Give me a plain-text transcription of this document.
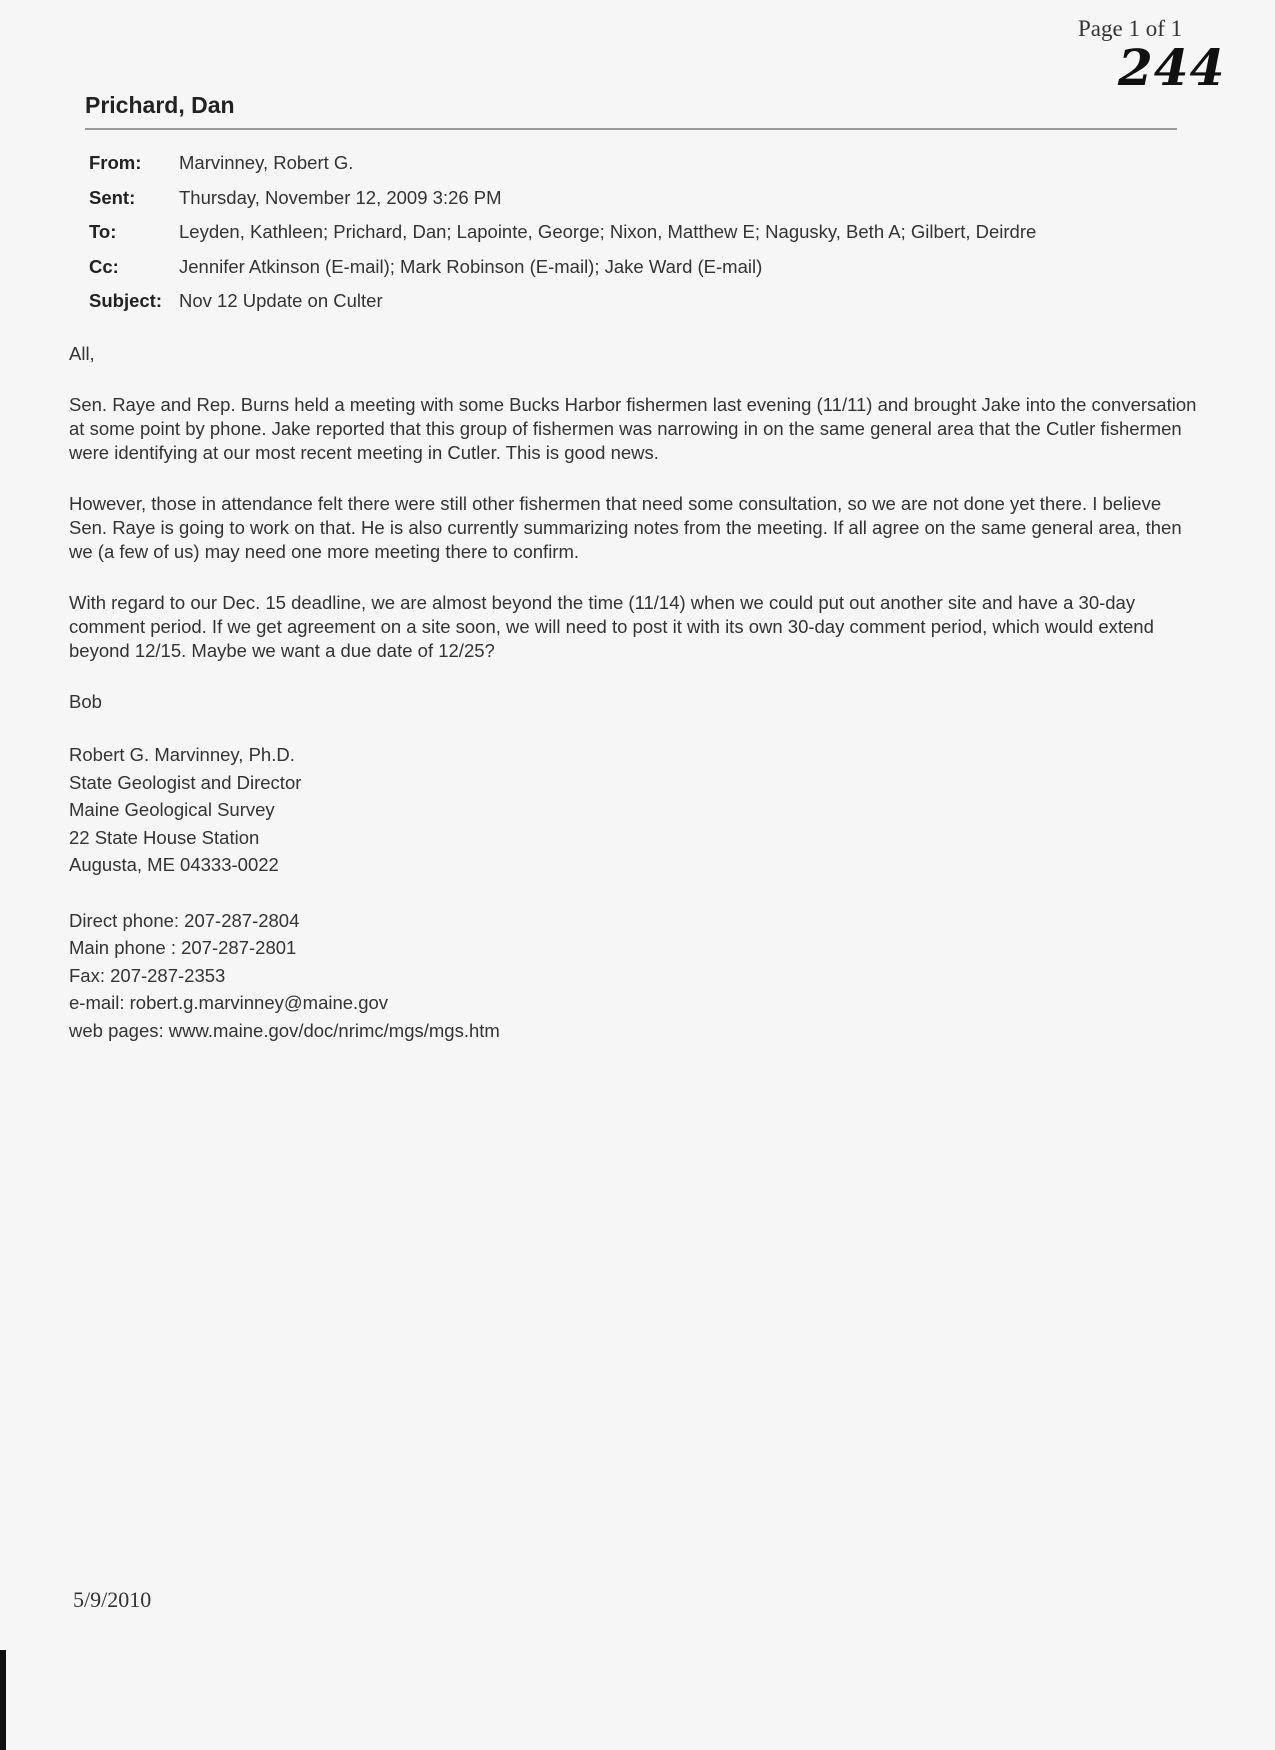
Page 1 of 1
244
Prichard, Dan
From:	Marvinney, Robert G.
Sent:	Thursday, November 12, 2009 3:26 PM
To:	Leyden, Kathleen; Prichard, Dan; Lapointe, George; Nixon, Matthew E; Nagusky, Beth A; Gilbert, Deirdre
Cc:	Jennifer Atkinson (E-mail); Mark Robinson (E-mail); Jake Ward (E-mail)
Subject: Nov 12 Update on Culter

All,

Sen. Raye and Rep. Burns held a meeting with some Bucks Harbor fishermen last evening (11/11) and brought Jake into the conversation at some point by phone. Jake reported that this group of fishermen was narrowing in on the same general area that the Cutler fishermen were identifying at our most recent meeting in Cutler. This is good news.

However, those in attendance felt there were still other fishermen that need some consultation, so we are not done yet there. I believe Sen. Raye is going to work on that. He is also currently summarizing notes from the meeting. If all agree on the same general area, then we (a few of us) may need one more meeting there to confirm.

With regard to our Dec. 15 deadline, we are almost beyond the time (11/14) when we could put out another site and have a 30-day comment period. If we get agreement on a site soon, we will need to post it with its own 30-day comment period, which would extend beyond 12/15. Maybe we want a due date of 12/25?

Bob

Robert G. Marvinney, Ph.D.
State Geologist and Director
Maine Geological Survey
22 State House Station
Augusta, ME 04333-0022
Direct phone: 207-287-2804
Main phone : 207-287-2801
Fax: 207-287-2353
e-mail: robert.g.marvinney@maine.gov
web pages: www.maine.gov/doc/nrimc/mgs/mgs.htm
5/9/2010
